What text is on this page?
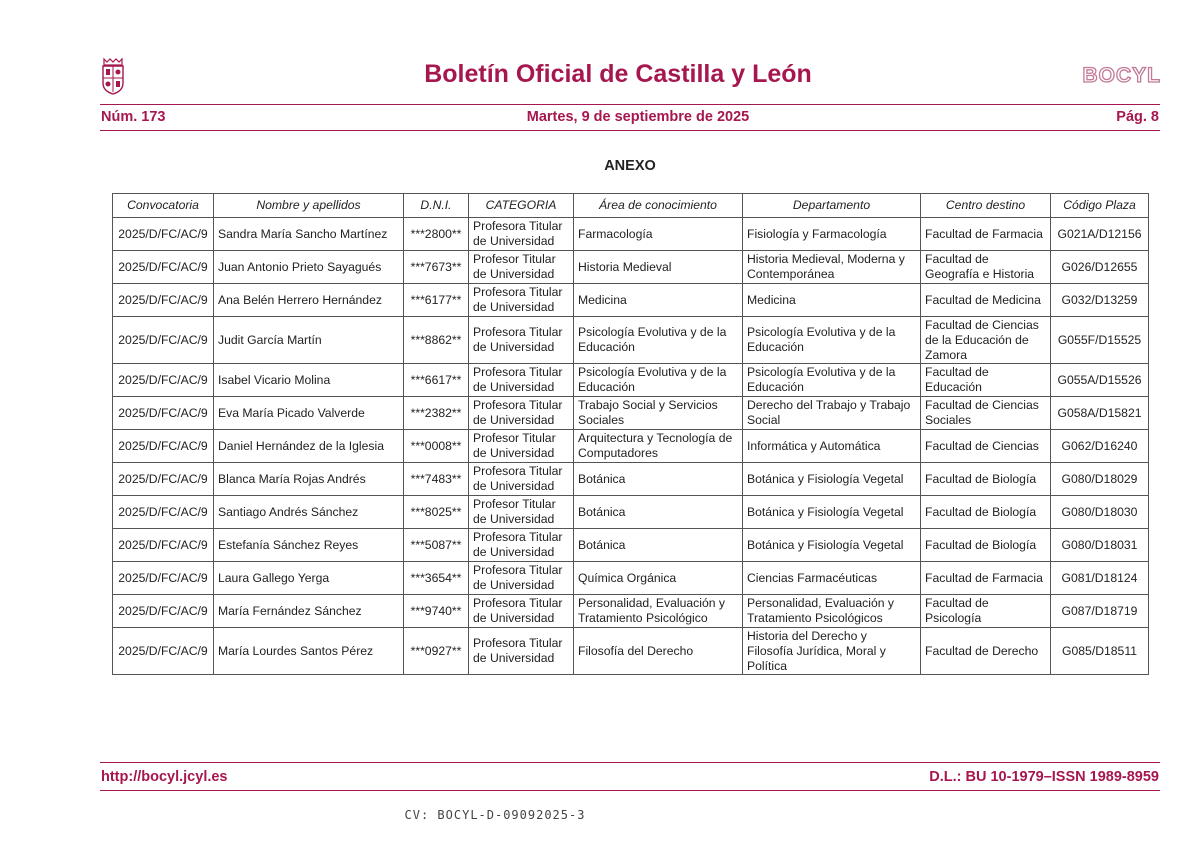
Boletín Oficial de Castilla y León	BOCYL
Núm. 173	Martes, 9 de septiembre de 2025	Pág. 8
ANEXO
Convocatoria	Nombre y apellidos	D.N.I.	CATEGORIA	Área de conocimiento	Departamento	Centro destino	Código Plaza
2025/D/FC/AC/9	Sandra María Sancho Martínez	***2800**	Profesora Titular de Universidad	Farmacología	Fisiología y Farmacología	Facultad de Farmacia	G021A/D12156
2025/D/FC/AC/9	Juan Antonio Prieto Sayagués	***7673**	Profesor Titular de Universidad	Historia Medieval	Historia Medieval, Moderna y Contemporánea	Facultad de Geografía e Historia	G026/D12655
2025/D/FC/AC/9	Ana Belén Herrero Hernández	***6177**	Profesora Titular de Universidad	Medicina	Medicina	Facultad de Medicina	G032/D13259
2025/D/FC/AC/9	Judit García Martín	***8862**	Profesora Titular de Universidad	Psicología Evolutiva y de la Educación	Psicología Evolutiva y de la Educación	Facultad de Ciencias de la Educación de Zamora	G055F/D15525
2025/D/FC/AC/9	Isabel Vicario Molina	***6617**	Profesora Titular de Universidad	Psicología Evolutiva y de la Educación	Psicología Evolutiva y de la Educación	Facultad de Educación	G055A/D15526
2025/D/FC/AC/9	Eva María Picado Valverde	***2382**	Profesora Titular de Universidad	Trabajo Social y Servicios Sociales	Derecho del Trabajo y Trabajo Social	Facultad de Ciencias Sociales	G058A/D15821
2025/D/FC/AC/9	Daniel Hernández de la Iglesia	***0008**	Profesor Titular de Universidad	Arquitectura y Tecnología de Computadores	Informática y Automática	Facultad de Ciencias	G062/D16240
2025/D/FC/AC/9	Blanca María Rojas Andrés	***7483**	Profesora Titular de Universidad	Botánica	Botánica y Fisiología Vegetal	Facultad de Biología	G080/D18029
2025/D/FC/AC/9	Santiago Andrés Sánchez	***8025**	Profesor Titular de Universidad	Botánica	Botánica y Fisiología Vegetal	Facultad de Biología	G080/D18030
2025/D/FC/AC/9	Estefanía Sánchez Reyes	***5087**	Profesora Titular de Universidad	Botánica	Botánica y Fisiología Vegetal	Facultad de Biología	G080/D18031
2025/D/FC/AC/9	Laura Gallego Yerga	***3654**	Profesora Titular de Universidad	Química Orgánica	Ciencias Farmacéuticas	Facultad de Farmacia	G081/D18124
2025/D/FC/AC/9	María Fernández Sánchez	***9740**	Profesora Titular de Universidad	Personalidad, Evaluación y Tratamiento Psicológico	Personalidad, Evaluación y Tratamiento Psicológicos	Facultad de Psicología	G087/D18719
2025/D/FC/AC/9	María Lourdes Santos Pérez	***0927**	Profesora Titular de Universidad	Filosofía del Derecho	Historia del Derecho y Filosofía Jurídica, Moral y Política	Facultad de Derecho	G085/D18511
http://bocyl.jcyl.es	D.L.: BU 10-1979–ISSN 1989-8959
CV: BOCYL-D-09092025-3
